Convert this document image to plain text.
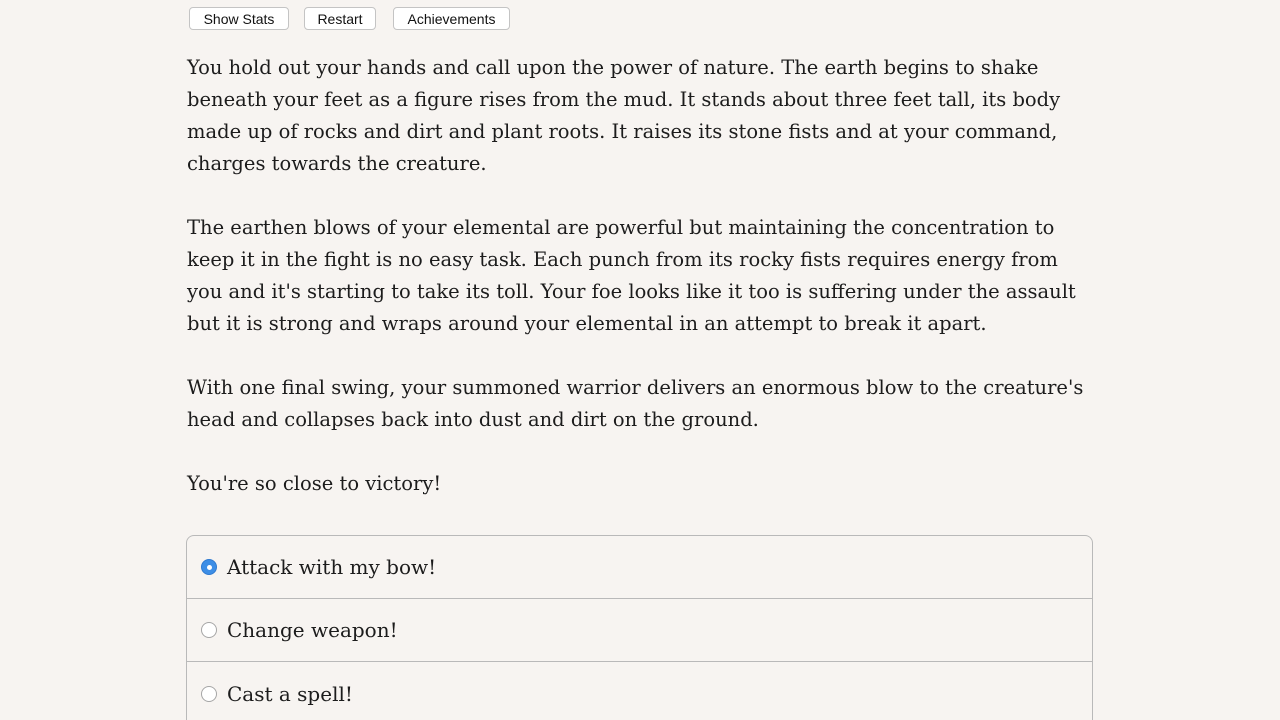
Show Stats	Restart	Achievements

You hold out your hands and call upon the power of nature. The earth begins to shake beneath your feet as a figure rises from the mud. It stands about three feet tall, its body made up of rocks and dirt and plant roots. It raises its stone fists and at your command, charges towards the creature.

The earthen blows of your elemental are powerful but maintaining the concentration to keep it in the fight is no easy task. Each punch from its rocky fists requires energy from you and it's starting to take its toll. Your foe looks like it too is suffering under the assault but it is strong and wraps around your elemental in an attempt to break it apart.

With one final swing, your summoned warrior delivers an enormous blow to the creature's head and collapses back into dust and dirt on the ground.

You're so close to victory!

Attack with my bow!
Change weapon!
Cast a spell!
